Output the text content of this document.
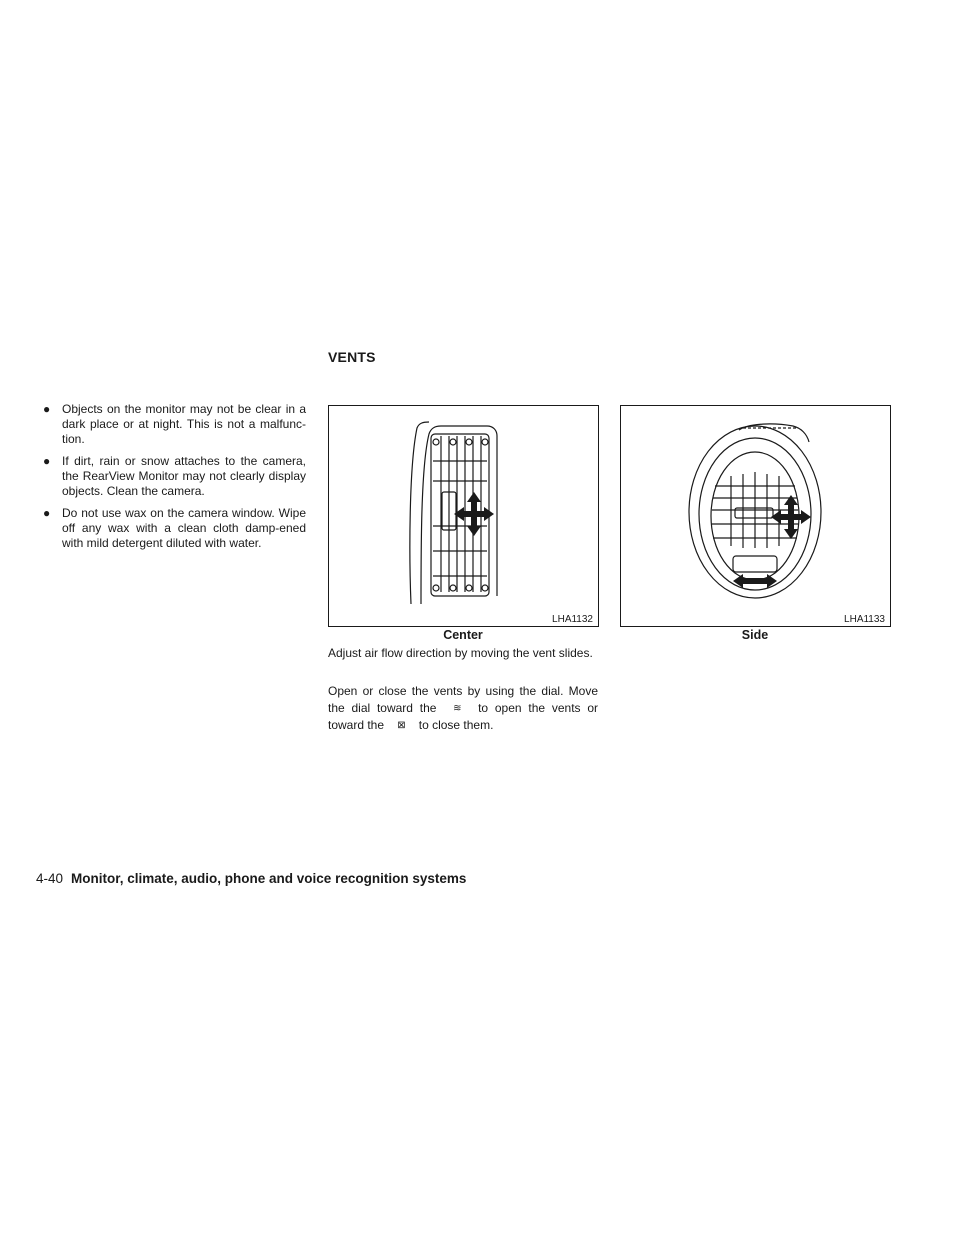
● Objects on the monitor may not be clear in a dark place or at night. This is not a malfunc-tion.
● If dirt, rain or snow attaches to the camera, the RearView Monitor may not clearly display objects. Clean the camera.
● Do not use wax on the camera window. Wipe off any wax with a clean cloth damp-ened with mild detergent diluted with water.
VENTS
LHA1132	LHA1133
Center	Side

Adjust air flow direction by moving the vent slides.

Open or close the vents by using the dial. Move the dial toward the ≋ to open the vents or toward the ⊠ to close them.

4-40 Monitor, climate, audio, phone and voice recognition systems
